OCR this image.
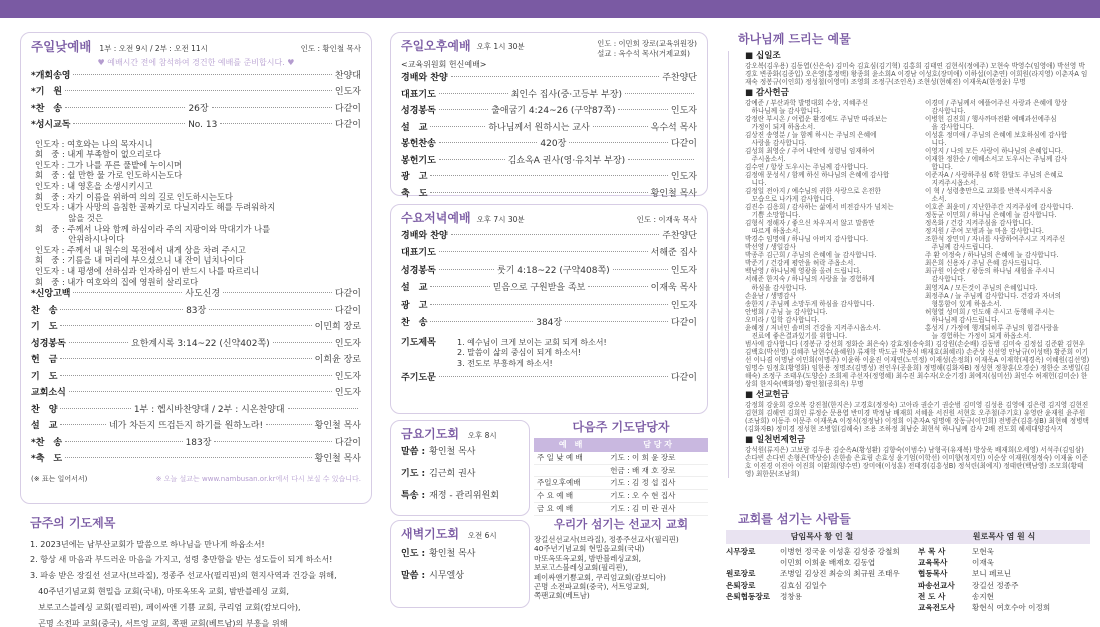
주일낮예배 1부 : 오전 9시 / 2부 : 오전 11시	인도 : 황인철 목사
♥ 예배시간 전에 참석하여 경건한 예배를 준비합시다. ♥
*개회송영	찬양대
*기　원	인도자
*찬　송	26장	다같이
*성시교독	No. 13	다같이
인도자 : 여호와는 나의 목자시니
회　중 : 내게 부족함이 없으리로다
인도자 : 그가 나를 푸른 풀밭에 누이시며
회　중 : 쉴 만한 물 가로 인도하시는도다
인도자 : 내 영혼을 소생시키시고
회　중 : 자기 이름을 위하여 의의 길로 인도하시는도다
인도자 : 내가 사망의 음침한 골짜기로 다닐지라도 해를 두려워하지
　　　　않을 것은
회　중 : 주께서 나와 함께 하심이라 주의 지팡이와 막대기가 나를
　　　　안위하시나이다
인도자 : 주께서 내 원수의 목전에서 내게 상을 차려 주시고
회　중 : 기름을 내 머리에 부으셨으니 내 잔이 넘치나이다
인도자 : 내 평생에 선하심과 인자하심이 반드시 나를 따르리니
회　중 : 내가 여호와의 집에 영원히 살리로다
*신앙고백	사도신경	다같이
찬　송	83장	다같이
기　도	이민희 장로
성경봉독	요한계시록 3:14~22 (신약402쪽)	인도자
헌　금	이희윤 장로
기　도	인도자
교회소식	인도자
찬　양	1부 : 헵시바찬양대 / 2부 : 시온찬양대
설　교	네가 차든지 뜨겁든지 하기를 원하노라!	황인철 목사
*찬　송	183장	다같이
*축　도	황인철 목사
(※ 표는 일어서서)	※ 오늘 설교는 www.nambusan.or.kr에서 다시 보실 수 있습니다.
금주의 기도제목
1. 2023년에는 남부산교회가 말씀으로 하나님을 만나게 하옵소서!
2. 항상 새 마음과 부드러운 마음을 가지고, 성령 충만함을 받는 성도들이 되게 하소서!
3. 파송 받은 장길선 선교사(브라질), 정종주 선교사(필리핀)의 현지사역과 건강을 위해,
　40주년기념교회 현밀읍 교회(국내), 마또옥또옥 교회, 밤반블레싱 교회,
　보로고스블레싱 교회(필리핀), 페이싸앤 기쁨 교회, 쿠리엄 교회(캄보디아),
　곤명 소전파 교회(중국), 서트엉 교회, 쪽팬 교회(베트남)의 부흥을 위해
주일오후예배 오후 1시 30분	인도 : 이민희 장로(교육위원장)
설교 : 옥수석 목사(거제교회)
<교육위원회 헌신예배>
경배와 찬양	주찬양단
대표기도	최인수 집사(중·고등부 부장)
성경봉독	출애굽기 4:24~26 (구약87쪽)	인도자
설　교	하나님께서 원하시는 교사	옥수석 목사
봉헌찬송	420장	다같이
봉헌기도	김쇼옥A 권사(영·유치부 부장)
광　고	인도자
축　도	황인철 목사
수요저녁예배 오후 7시 30분	인도 : 이재욱 목사
경배와 찬양	주찬양단
대표기도	서해준 집사
성경봉독	룻기 4:18~22 (구약408쪽)	인도자
설　교	믿음으로 구원받을 족보	이재욱 목사
광　고	인도자
찬　송	384장	다같이
기도제목	1. 예수님이 크게 보이는 교회 되게 하소서!
2. 말씀이 삶의 중심이 되게 하소서!
3. 전도로 부흥하게 하소서!
주기도문	다같이
금요기도회 오후 8시
말씀 : 황인철 목사
기도 : 김근희 권사
특송 : 재정 - 관리위원회
새벽기도회 오전 6시
인도 : 황인철 목사
말씀 : 시무엘상
다음주 기도담당자
예　배	담 당 자
주 일 낮 예 배	기도 : 이 희 윤 장로
	헌금 : 배 재 호 장로
주일오후예배	기도 : 김 정 섭 집사
수 요 예 배	기도 : 오 수 현 집사
금 요 예 배	기도 : 김 미 란 권사
우리가 섬기는 선교지 교회
장길선선교사(브라질), 정종주선교사(필리핀)
40주년기념교회 현밀읍교회(국내)
마또옥또옥교회, 밤반블레싱교회,
보로고스블레싱교회(필리핀),
페이싸앤기쁨교회, 쿠리엄교회(캄보디아)
곤명 소전파교회(중국), 서트엉교회,
쪽팬교회(베트남)
하나님께 드리는 예물
■ 십일조
강오복(김우용) 김동엽(신은숙) 김미숙 김효심(김기혁) 김홍희 김태연 김현식(정예주) 모현숙 박영수(임영애) 박선영 박경호 변종화(김종입) 오은영(홍정택) 왕종희 윤소희A 이경남 이성호(장미애) 이하섭(이춘연) 이희원(라지영) 이춘자A 임재숙 정봉규(이인희) 정성철(이영미) 조영희 조정구(조인옥) 조현성(현혜진) 이재욱A(한정윤) 무명
■ 감사헌금
강예준 / 부산과학 발명대회 수상, 지혜주신
　하나님께 늘 감사합니다.
강정란 부시온 / 어렵운 환경에도 주님만 따라보는
　가정이 되게 하옵소서.
김상진 송영분 / 늘 함께 하시는 주님의 은혜에
　사랑을 감사합니다.
김성희 최영순 / 주여 내안에 성령님 임재하여
　주시옵소서.
김수연 / 항상 도우시는 주님께 감사합니다.
김정애 문성식 / 함께 하신 하나님의 은혜에 감사합
　니다.
김정일 전아지 / 예수님의 귀한 사랑으로 온전한
　모습으로 나가게 감사합니다.
김진수 김응희 / 감사하는 삶에서 비전감사가 넘치는
　기쁨 소망합니다.
김형식 정해자 / 좋으신 차우저서 않고 말씀만
　따르게 하옵소서.
박경수 임명애 / 하나님 아버지 감사합니다.
박선영 / 생일감사
박종주 김근희 / 주님의 은혜에 늘 감사합니다.
박준기 / 건강케 평안을 허락 주옵소서.
백남영 / 하나님께 영광을 올려 드립니다.
서해준 한지숙 / 하나님의 사랑을 늘 경험하게
　하심을 감사합니다.
손윤남 / 생명감사
송한지 / 주님께 소망두게 하심을 감사합니다.
안병희 / 주님 늘 감사합니다.
오미라 / 입학 감사합니다.
윤혜정 / 저녀인 솔비의 건강을 지켜주시옵소서.
　진료에 좋은결과있기를 위합니다.
이경미 / 주님께서 예플어주신 사랑과 은혜에 항상
　감사합니다.
이병헌 김진희 / 행사까마전환 예배과선에주심
　을 감사합니다.
이성훈 정미애 / 주님의 은혜에 보호하심에 감사합
　니다.
이영지 / 나의 모든 사랑이 하나님의 은혜입니다.
이재한 정한순 / 에베소서고 도우시는 주님께 감사
　합니다.
이준자A / 사랑하주심 6학 한달도 주님의 은혜로
　지켜주시옵소서.
이 혁 / 성령충만으로 교회를 반복시켜주시옵
　소서.
이호준 최윤미 / 지난한주간 지켜주심에 감사합니다.
정동균 이민희 / 하나님 은혜에 늘 감사합니다.
정옥화 / 건강 지켜주심을 감사합니다.
정지원 / 주여 모범과 늘 마음 감사합니다.
조한석 장민미 / 자녀를 사랑하여주시고 지켜주신
　주님께 감사드립니다.
주 환 이정숙 / 하나님의 은혜에 늘 감사합니다.
최은희 신용자 / 주님 은혜 감사드립니다.
최규원 이순란 / 광동의 하나님 새힘을 주시니
　감사합니다.
최영지A / 모든것이 주님의 은혜입니다.
최정주A / 늘 주님께 감사합니다. 건강과 자녀의
　형통함이 있게 하옵소서.
허형열 성미희 / 인도해 주시고 동행해 주시는
　하나님께 감사드립니다.
홍성지 / 가정에 행계되히루 주님의 힘결사랑을
　늘 경험하는 가정이 되게 하옵소서.
범사에 감사합니다 (경봉규 강선희 정화순 최은숙) 강효정(송숙희) 김강원(손순배) 김동범 김미숙 김정섭 김준환 김현우 김백호(박선영) 김혜주 남현수(윤혜원) 류재학 박도균 박종식 배재호(최혜리) 손준상 신선영 안남규(이성택) 황준희 이기선 이나겸 이명남 이민희(이명주) 이윤하 이윤진 이재연(노민정) 이재성(손정희) 이재욱A 이재학(제경옥) 이혜원(김선영) 임명수 임정호(황영화) 임한용 정명조(김명성) 전인우(공윤희) 정명해(김화자B) 정성현 정창훈(오경순) 정한순 조병일(김해숙) 조정구 조태우(도양순) 조희제 주선자(정영혜) 최수진 최수자(오순기경) 최예지(심미선) 최인수 허재헌(김미순) 한상희 한지숙(백화영) 황인철(공희옥) 무명
■ 선교헌금
강정희 강윤희 강오복 강진철(한지은) 고경호(정정숙) 고아라 권순기 권순범 김미영 김성용 김영애 김은령 김지영 김현진 김현희 김해연 김희인 류정순 문용엽 반미경 박정남 배재희 서혜윤 서진원 서현호 오주철(주기호) 유영란 윤재원 윤주원(조남희) 이동주 이문주 이재욱A 이정식(정정남) 이정희 이춘자A 임명애 장동규(이민희) 전병준(김흥성B) 최현혜 정병택(김화자B) 정미경 정성현 조병일(김해숙) 조용 조하정 최남순 최현석 하나님께 감사 2배 전도회 헤세대양감사지
■ 일천번제헌금
강석원(류지은) 고보람 김두용 김순옥A(황성환) 김향숙(이범수) 남형곡(유재복) 방상욱 배재희(오세영) 서석주(김임삼) 손다빈 손다빈 손형은(박상승) 손한솔 은효림 손효성 윤기엄(이학선) 이미향(정지인) 이순상 이재원(정정숙) 이재율 이준호 이진경 이진아 이진희 이환희(양수연) 장미애(이성훈) 전태경(김흥성B) 정석린(최예지) 정태란(백남영) 조모희(황태영) 최한문(조남희)
교회를 섬기는 사람들
담임목사 황 인 철	원로목사 염 원 식
시무장로	이병헌 정국윤 이성훈 김성중 강철희
이민희 이희윤 배재호 김동엽
원로장로	조병일 김상진 최승의 최규원 조태우
은퇴장로	김효심 김일수
은퇴협동장로 정창용
부 목 사	모현욱
교육목사	이재욱
협동목사	보니 페르닌
파송선교사 장길선 정종주
전 도 사	송지현
교육전도사 황현식 여호수아 이정희
